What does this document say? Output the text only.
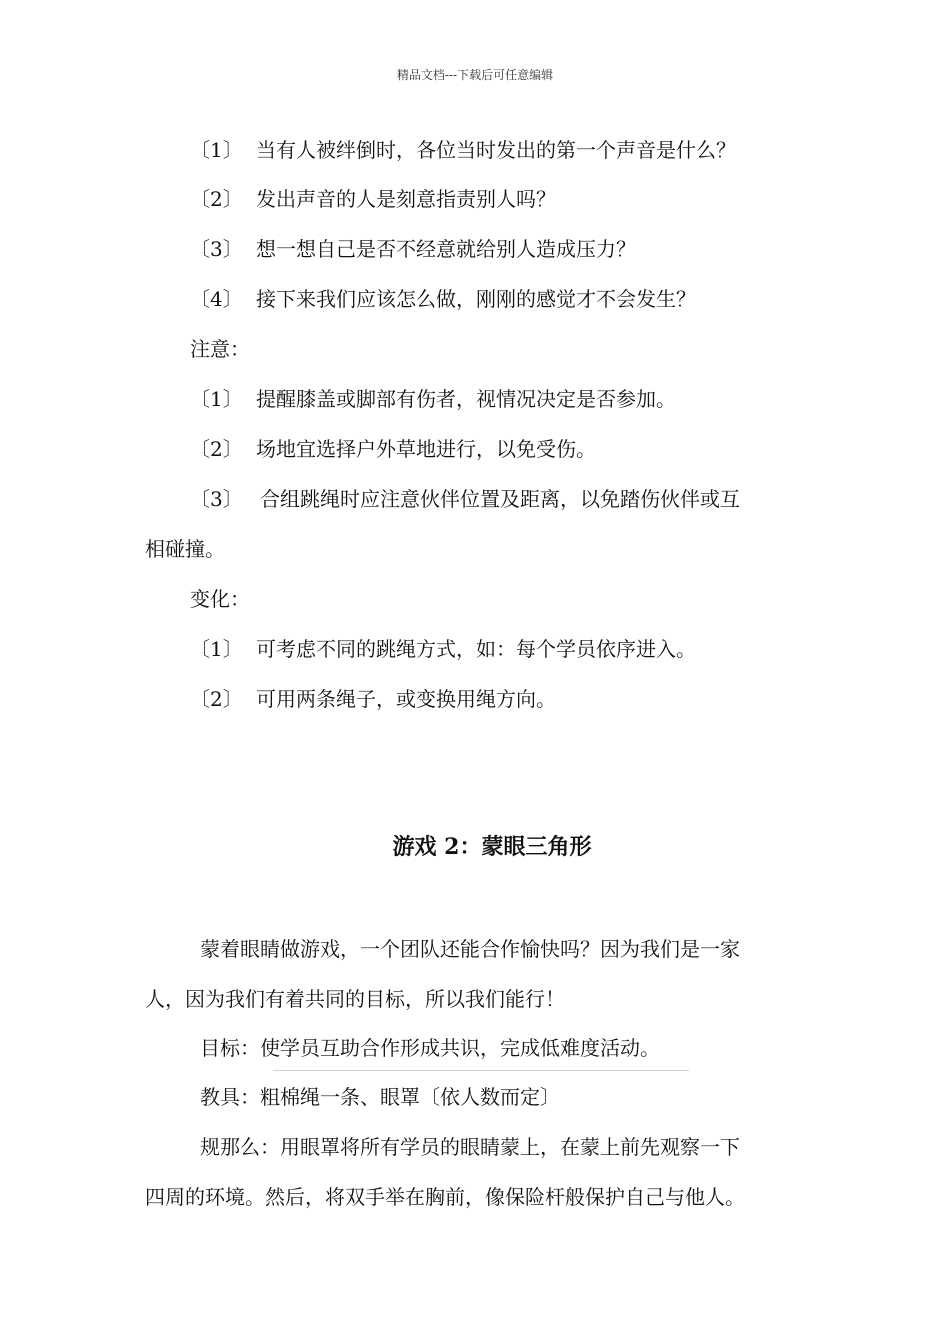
精品文档---下载后可任意编辑
〔1〕 当有人被绊倒时，各位当时发出的第一个声音是什么？
〔2〕 发出声音的人是刻意指责别人吗？
〔3〕 想一想自己是否不经意就给别人造成压力？
〔4〕 接下来我们应该怎么做，刚刚的感觉才不会发生？
注意：
〔1〕 提醒膝盖或脚部有伤者，视情况决定是否参加。
〔2〕 场地宜选择户外草地进行，以免受伤。
〔3〕 合组跳绳时应注意伙伴位置及距离，以免踏伤伙伴或互
相碰撞。
变化：
〔1〕 可考虑不同的跳绳方式，如：每个学员依序进入。
〔2〕 可用两条绳子，或变换用绳方向。
游戏 2：蒙眼三角形
蒙着眼睛做游戏，一个团队还能合作愉快吗？因为我们是一家
人，因为我们有着共同的目标，所以我们能行！
目标：使学员互助合作形成共识，完成低难度活动。
教具：粗棉绳一条、眼罩〔依人数而定〕
规那么：用眼罩将所有学员的眼睛蒙上，在蒙上前先观察一下
四周的环境。然后，将双手举在胸前，像保险杆般保护自己与他人。
